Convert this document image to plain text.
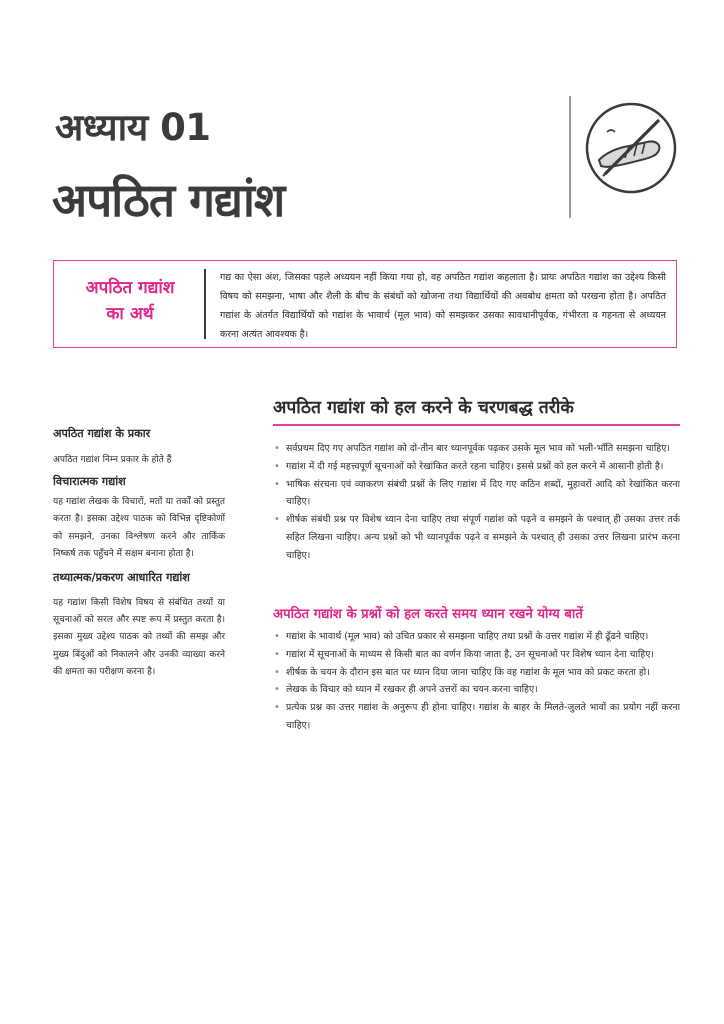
अध्याय 01
अपठित गद्यांश
अपठित गद्यांश
का अर्थ
गद्य का ऐसा अंश, जिसका पहले अध्ययन नहीं किया गया हो, वह अपठित गद्यांश कहलाता है। प्रायः अपठित गद्यांश का उद्देश्य किसी विषय को समझना, भाषा और शैली के बीच के संबंधों को खोजना तथा विद्यार्थियों की अवबोध क्षमता को परखना होता है। अपठित गद्यांश के अंतर्गत विद्यार्थियों को गद्यांश के भावार्थ (मूल भाव) को समझकर उसका सावधानीपूर्वक, गंभीरता व गहनता से अध्ययन करना अत्यंत आवश्यक है।
अपठित गद्यांश के प्रकार
अपठित गद्यांश निम्न प्रकार के होते हैं
विचारात्मक गद्यांश
यह गद्यांश लेखक के विचारों, मतों या तर्कों को प्रस्तुत करता है। इसका उद्देश्य पाठक को विभिन्न दृष्टिकोणों को समझने, उनका विश्लेषण करने और तार्किक निष्कर्ष तक पहुँचने में सक्षम बनाना होता है।
तथ्यात्मक/प्रकरण आधारित गद्यांश
यह गद्यांश किसी विशेष विषय से संबंधित तथ्यों या सूचनाओं को सरल और स्पष्ट रूप में प्रस्तुत करता है। इसका मुख्य उद्देश्य पाठक को तथ्यों की समझ और मुख्य बिंदुओं को निकालने और उनकी व्याख्या करने की क्षमता का परीक्षण करना है।
अपठित गद्यांश को हल करने के चरणबद्ध तरीके
• सर्वप्रथम दिए गए अपठित गद्यांश को दो-तीन बार ध्यानपूर्वक पढ़कर उसके मूल भाव को भली-भाँति समझना चाहिए।
• गद्यांश में दी गई महत्त्वपूर्ण सूचनाओं को रेखांकित करते रहना चाहिए। इससे प्रश्नों को हल करने में आसानी होती है।
• भाषिक संरचना एवं व्याकरण संबंधी प्रश्नों के लिए गद्यांश में दिए गए कठिन शब्दों, मुहावरों आदि को रेखांकित करना चाहिए।
• शीर्षक संबंधी प्रश्न पर विशेष ध्यान देना चाहिए तथा संपूर्ण गद्यांश को पढ़ने व समझने के पश्चात् ही उसका उत्तर तर्क सहित लिखना चाहिए। अन्य प्रश्नों को भी ध्यानपूर्वक पढ़ने व समझने के पश्चात् ही उसका उत्तर लिखना प्रारंभ करना चाहिए।
अपठित गद्यांश के प्रश्नों को हल करते समय ध्यान रखने योग्य बातें
• गद्यांश के भावार्थ (मूल भाव) को उचित प्रकार से समझना चाहिए तथा प्रश्नों के उत्तर गद्यांश में ही ढूँढने चाहिए।
• गद्यांश में सूचनाओं के माध्यम से किसी बात का वर्णन किया जाता है, उन सूचनाओं पर विशेष ध्यान देना चाहिए।
• शीर्षक के चयन के दौरान इस बात पर ध्यान दिया जाना चाहिए कि वह गद्यांश के मूल भाव को प्रकट करता हो।
• लेखक के विचार को ध्यान में रखकर ही अपने उत्तरों का चयन करना चाहिए।
• प्रत्येक प्रश्न का उत्तर गद्यांश के अनुरूप ही होना चाहिए। गद्यांश के बाहर के मिलते-जुलते भावों का प्रयोग नहीं करना चाहिए।
